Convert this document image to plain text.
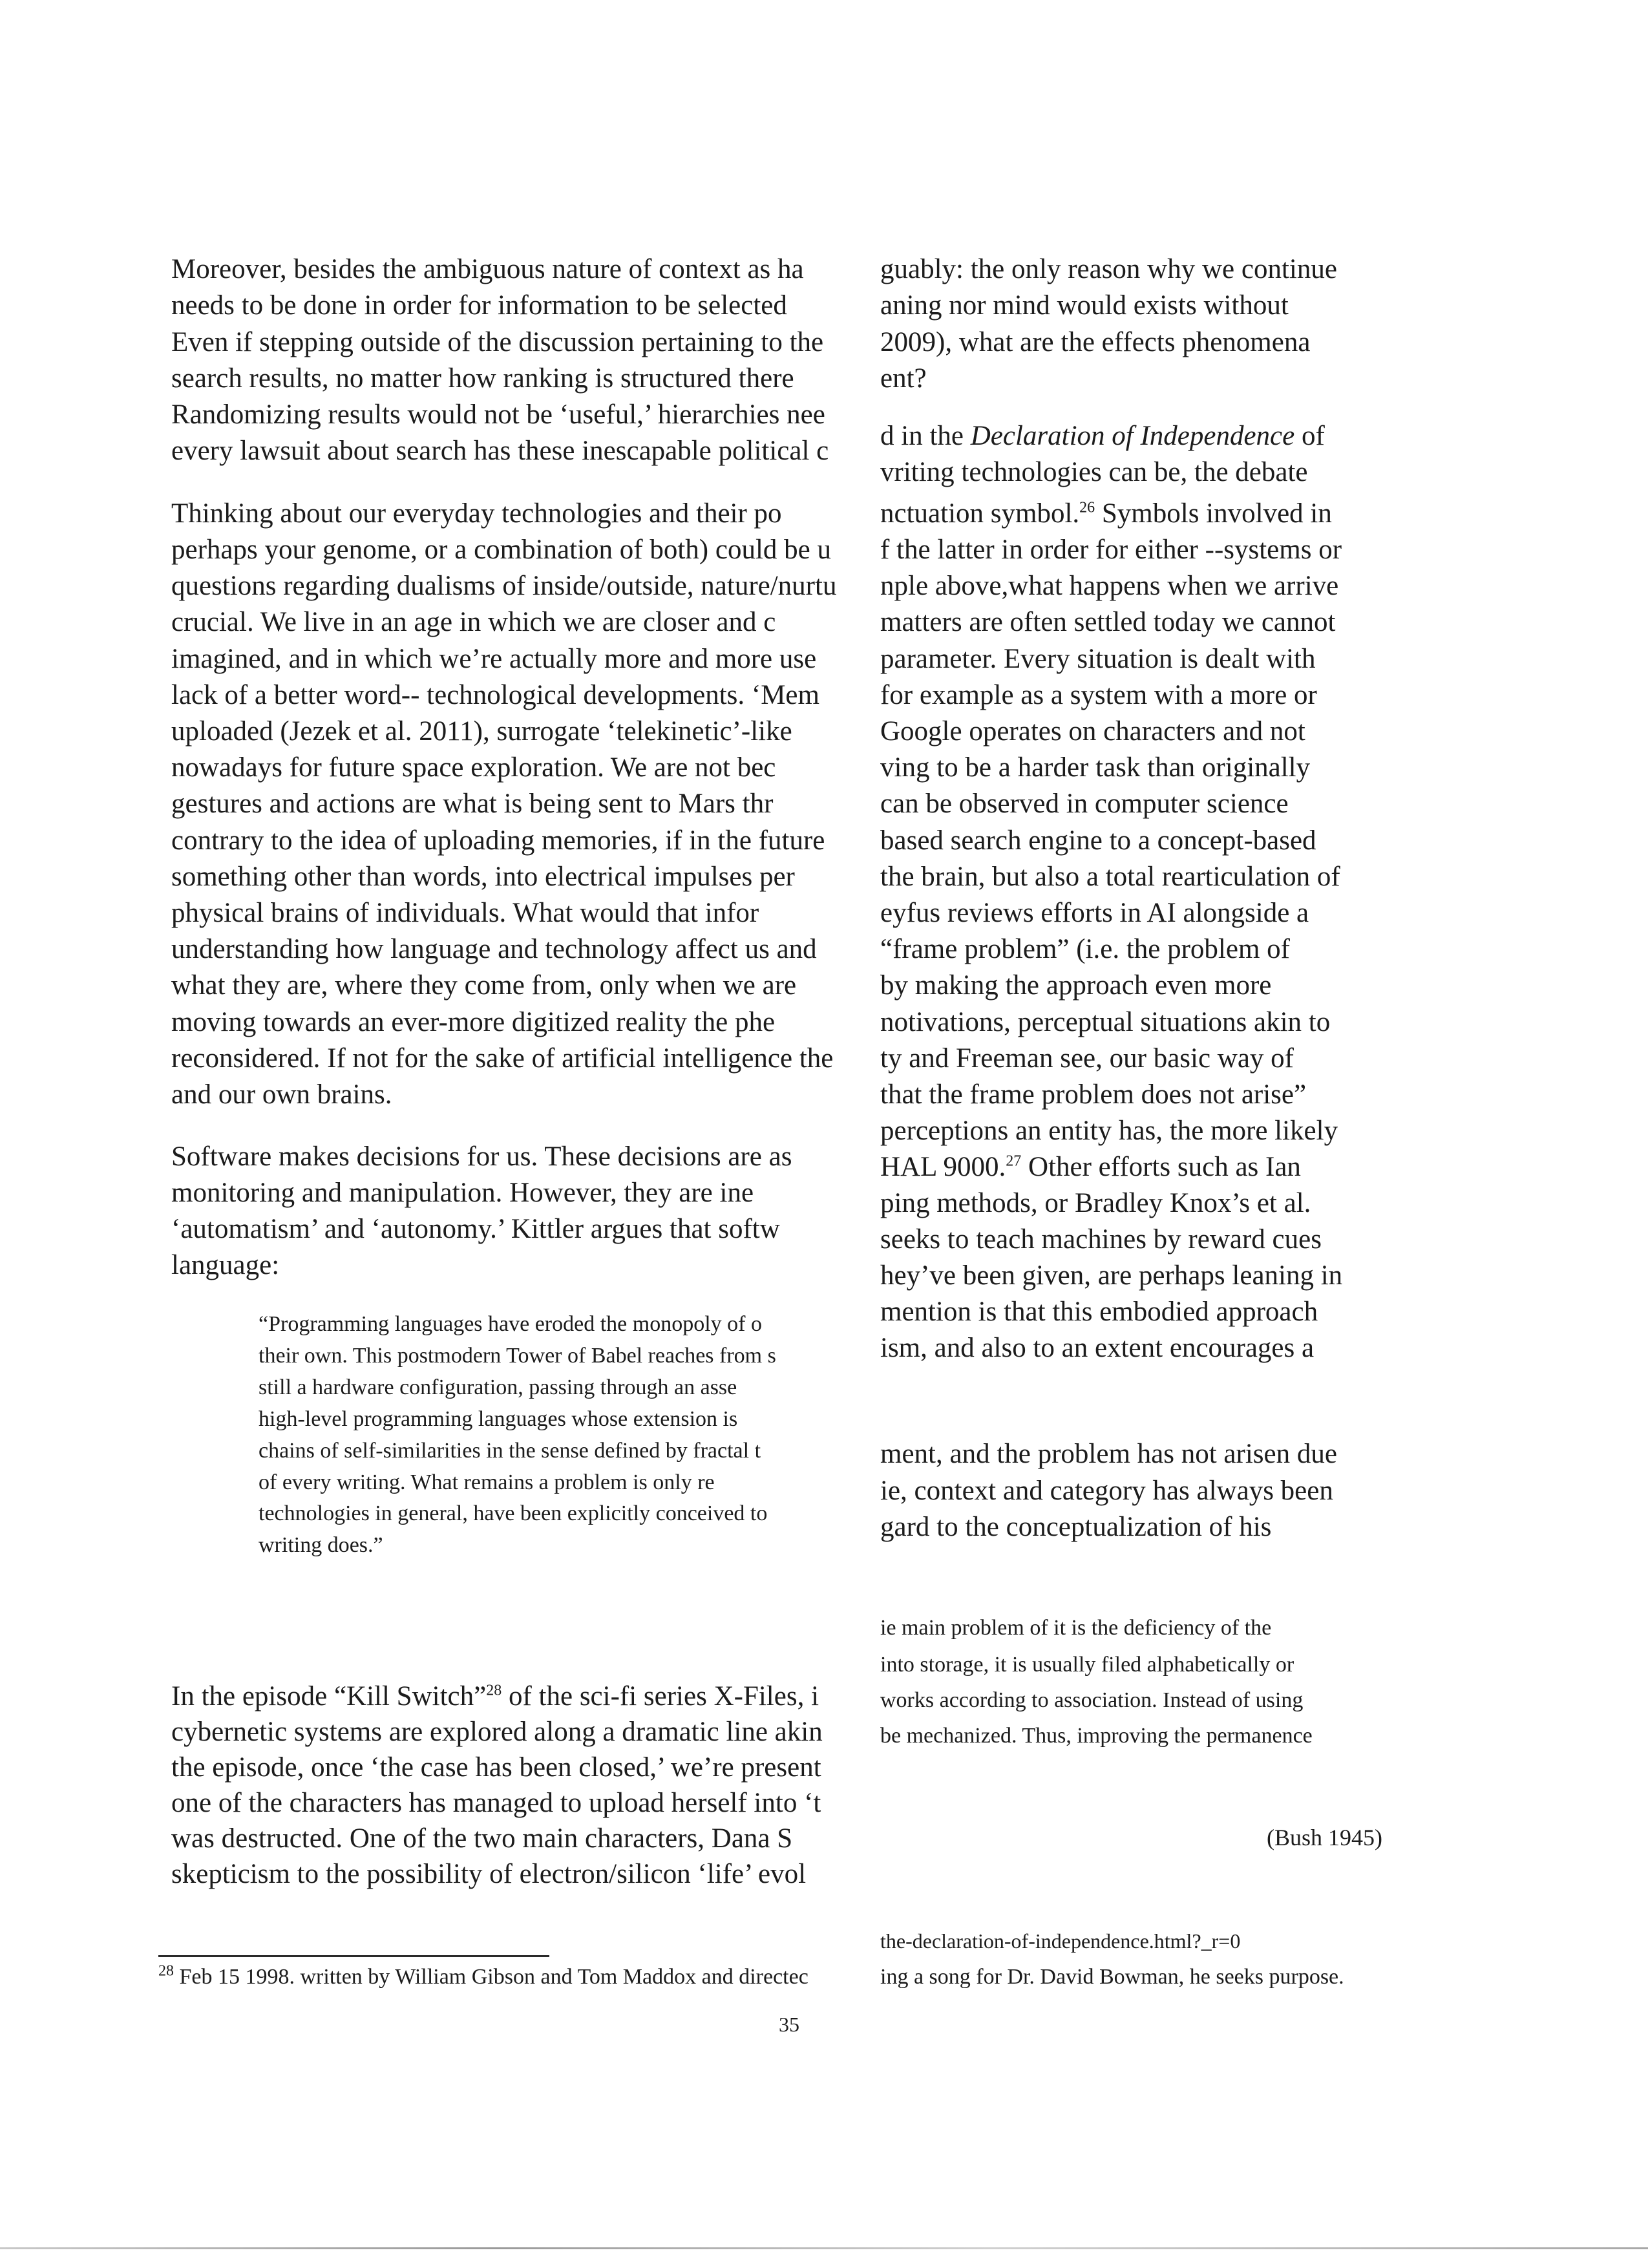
Moreover, besides the ambiguous nature of context as ha
needs to be done in order for information to be selected
Even if stepping outside of the discussion pertaining to the
search results, no matter how ranking is structured there
Randomizing results would not be ‘useful,’ hierarchies nee
every lawsuit about search has these inescapable political c
Thinking about our everyday technologies and their po
perhaps your genome, or a combination of both) could be u
questions regarding dualisms of inside/outside, nature/nurtu
crucial. We live in an age in which we are closer and c
imagined, and in which we’re actually more and more use
lack of a better word-- technological developments. ‘Mem
uploaded (Jezek et al. 2011), surrogate ‘telekinetic’-like
nowadays for future space exploration. We are not bec
gestures and actions are what is being sent to Mars thr
contrary to the idea of uploading memories, if in the future
something other than words, into electrical impulses per
physical brains of individuals. What would that infor
understanding how language and technology affect us and
what they are, where they come from, only when we are
moving towards an ever-more digitized reality the phe
reconsidered. If not for the sake of artificial intelligence the
and our own brains.
Software makes decisions for us. These decisions are as
monitoring and manipulation. However, they are ine
‘automatism’ and ‘autonomy.’ Kittler argues that softw
language:
“Programming languages have eroded the monopoly of o
their own. This postmodern Tower of Babel reaches from s
still a hardware configuration, passing through an asse
high-level programming languages whose extension is
chains of self-similarities in the sense defined by fractal t
of every writing. What remains a problem is only re
technologies in general, have been explicitly conceived to
writing does.”
In the episode “Kill Switch”$^{28}$ of the sci-fi series X-Files, i
cybernetic systems are explored along a dramatic line akin
the episode, once ‘the case has been closed,’ we’re present
one of the characters has managed to upload herself into ‘t
was destructed. One of the two main characters, Dana S
skepticism to the possibility of electron/silicon ‘life’ evol
guably: the only reason why we continue
aning nor mind would exists without
2009), what are the effects phenomena
ent?
d in the Declaration of Independence of
vriting technologies can be, the debate
nctuation symbol.$^{26}$ Symbols involved in
f the latter in order for either --systems or
nple above,what happens when we arrive
matters are often settled today we cannot
parameter. Every situation is dealt with
for example as a system with a more or
Google operates on characters and not
ving to be a harder task than originally
can be observed in computer science
based search engine to a concept-based
the brain, but also a total rearticulation of
eyfus reviews efforts in AI alongside a
“frame problem” (i.e. the problem of
by making the approach even more
notivations, perceptual situations akin to
ty and Freeman see, our basic way of
that the frame problem does not arise”
perceptions an entity has, the more likely
HAL 9000.27 Other efforts such as Ian
ping methods, or Bradley Knox’s et al.
seeks to teach machines by reward cues
hey’ve been given, are perhaps leaning in
mention is that this embodied approach
ism, and also to an extent encourages a
ment, and the problem has not arisen due
ie, context and category has always been
gard to the conceptualization of his
ie main problem of it is the deficiency of the
into storage, it is usually filed alphabetically or
works according to association. Instead of using
be mechanized. Thus, improving the permanence
(Bush 1945)
the-declaration-of-independence.html?_r=0
$^{28}$ Feb 15 1998. written by William Gibson and Tom Maddox and directec	ing a song for Dr. David Bowman, he seeks purpose.
35
